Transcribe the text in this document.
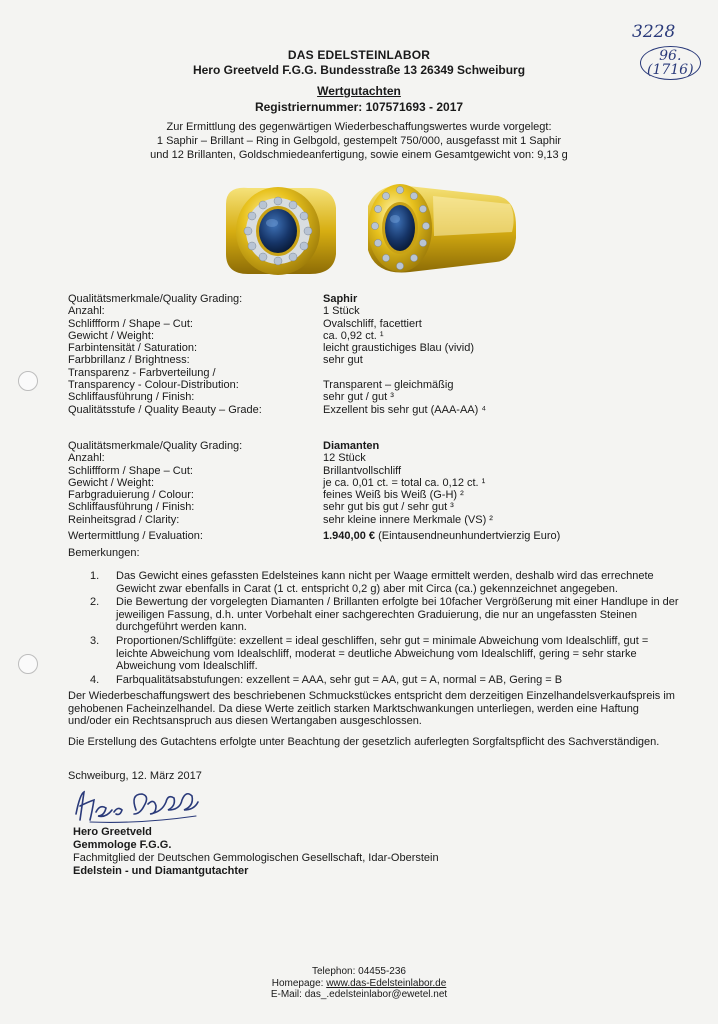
3228
96.
(1716)
DAS EDELSTEINLABOR
Hero Greetveld F.G.G. Bundesstraße 13 26349 Schweiburg
Wertgutachten
Registriernummer: 107571693 - 2017
Zur Ermittlung des gegenwärtigen Wiederbeschaffungswertes wurde vorgelegt:
1 Saphir – Brillant – Ring in Gelbgold, gestempelt 750/000, ausgefasst mit 1 Saphir
und 12 Brillanten, Goldschmiedeanfertigung, sowie einem Gesamtgewicht von: 9,13 g
Qualitätsmerkmale/Quality Grading:	Saphir
Anzahl:	1 Stück
Schliffform / Shape – Cut:	Ovalschliff, facettiert
Gewicht / Weight:	ca. 0,92 ct. ¹
Farbintensität / Saturation:	leicht graustichiges Blau (vivid)
Farbbrillanz / Brightness:	sehr gut
Transparenz - Farbverteilung /
Transparency - Colour-Distribution:	Transparent – gleichmäßig
Schliffausführung / Finish:	sehr gut / gut ³
Qualitätsstufe / Quality Beauty – Grade:	Exzellent bis sehr gut (AAA-AA) ⁴
Qualitätsmerkmale/Quality Grading:	Diamanten
Anzahl:	12 Stück
Schliffform / Shape – Cut:	Brillantvollschliff
Gewicht / Weight:	je ca. 0,01 ct. = total ca. 0,12 ct. ¹
Farbgraduierung / Colour:	feines Weiß bis Weiß (G-H) ²
Schliffausführung / Finish:	sehr gut bis gut / sehr gut ³
Reinheitsgrad / Clarity:	sehr kleine innere Merkmale (VS) ²
Wertermittlung / Evaluation:	1.940,00 € (Eintausendneunhundertvierzig Euro)
Bemerkungen:
1.	Das Gewicht eines gefassten Edelsteines kann nicht per Waage ermittelt werden, deshalb wird das errechnete Gewicht zwar ebenfalls in Carat (1 ct. entspricht 0,2 g) aber mit Circa (ca.) gekennzeichnet angegeben.
2.	Die Bewertung der vorgelegten Diamanten / Brillanten erfolgte bei 10facher Vergrößerung mit einer Handlupe in der jeweiligen Fassung, d.h. unter Vorbehalt einer sachgerechten Graduierung, die nur an ungefassten Steinen durchgeführt werden kann.
3.	Proportionen/Schliffgüte: exzellent = ideal geschliffen, sehr gut = minimale Abweichung vom Idealschliff, gut = leichte Abweichung vom Idealschliff, moderat = deutliche Abweichung vom Idealschliff, gering = sehr starke Abweichung vom Idealschliff.
4.	Farbqualitätsabstufungen: exzellent = AAA, sehr gut = AA, gut = A, normal = AB, Gering = B
Der Wiederbeschaffungswert des beschriebenen Schmuckstückes entspricht dem derzeitigen Einzelhandelsverkaufspreis im gehobenen Facheinzelhandel. Da diese Werte zeitlich starken Marktschwankungen unterliegen, werden eine Haftung und/oder ein Rechtsanspruch aus diesen Wertangaben ausgeschlossen.
Die Erstellung des Gutachtens erfolgte unter Beachtung der gesetzlich auferlegten Sorgfaltspflicht des Sachverständigen.
Schweiburg, 12. März 2017
Hero Greetveld
Gemmologe F.G.G.
Fachmitglied der Deutschen Gemmologischen Gesellschaft, Idar-Oberstein
Edelstein - und Diamantgutachter
Telephon: 04455-236
Homepage: www.das-Edelsteinlabor.de
E-Mail: das_.edelsteinlabor@ewetel.net
